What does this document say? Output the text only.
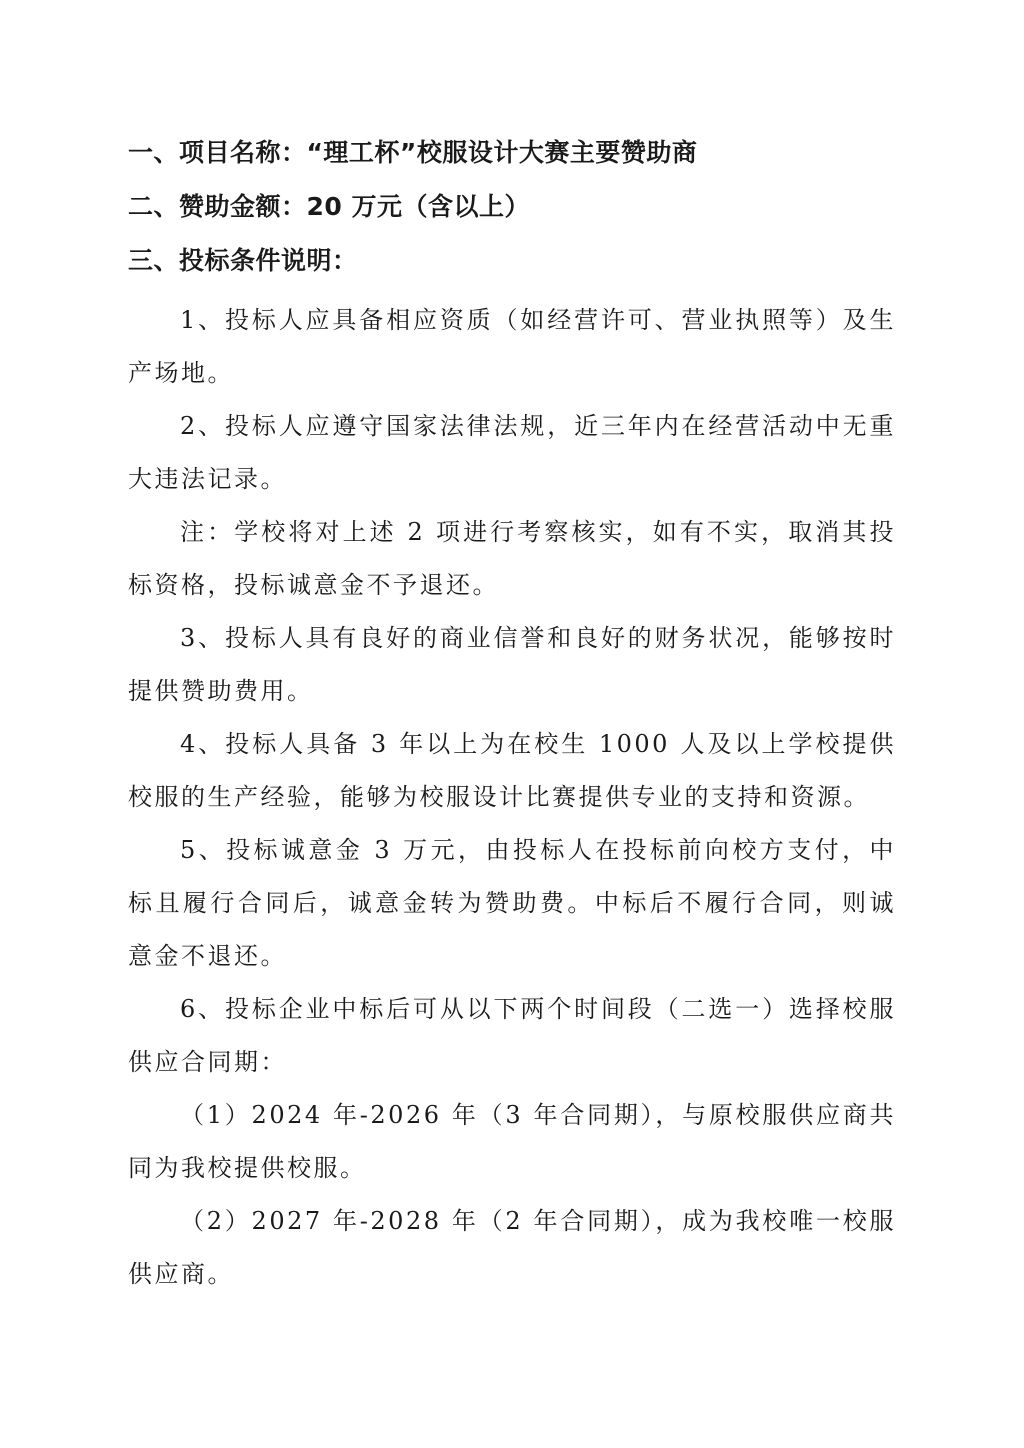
一、项目名称：“理工杯”校服设计大赛主要赞助商

二、赞助金额：20 万元（含以上）

三、投标条件说明：

1、投标人应具备相应资质（如经营许可、营业执照等）及生产场地。

2、投标人应遵守国家法律法规，近三年内在经营活动中无重大违法记录。

注：学校将对上述 2 项进行考察核实，如有不实，取消其投标资格，投标诚意金不予退还。

3、投标人具有良好的商业信誉和良好的财务状况，能够按时提供赞助费用。

4、投标人具备 3 年以上为在校生 1000 人及以上学校提供校服的生产经验，能够为校服设计比赛提供专业的支持和资源。

5、投标诚意金 3 万元，由投标人在投标前向校方支付，中标且履行合同后，诚意金转为赞助费。中标后不履行合同，则诚意金不退还。

6、投标企业中标后可从以下两个时间段（二选一）选择校服供应合同期：

（1）2024 年-2026 年（3 年合同期），与原校服供应商共同为我校提供校服。

（2）2027 年-2028 年（2 年合同期），成为我校唯一校服供应商。
